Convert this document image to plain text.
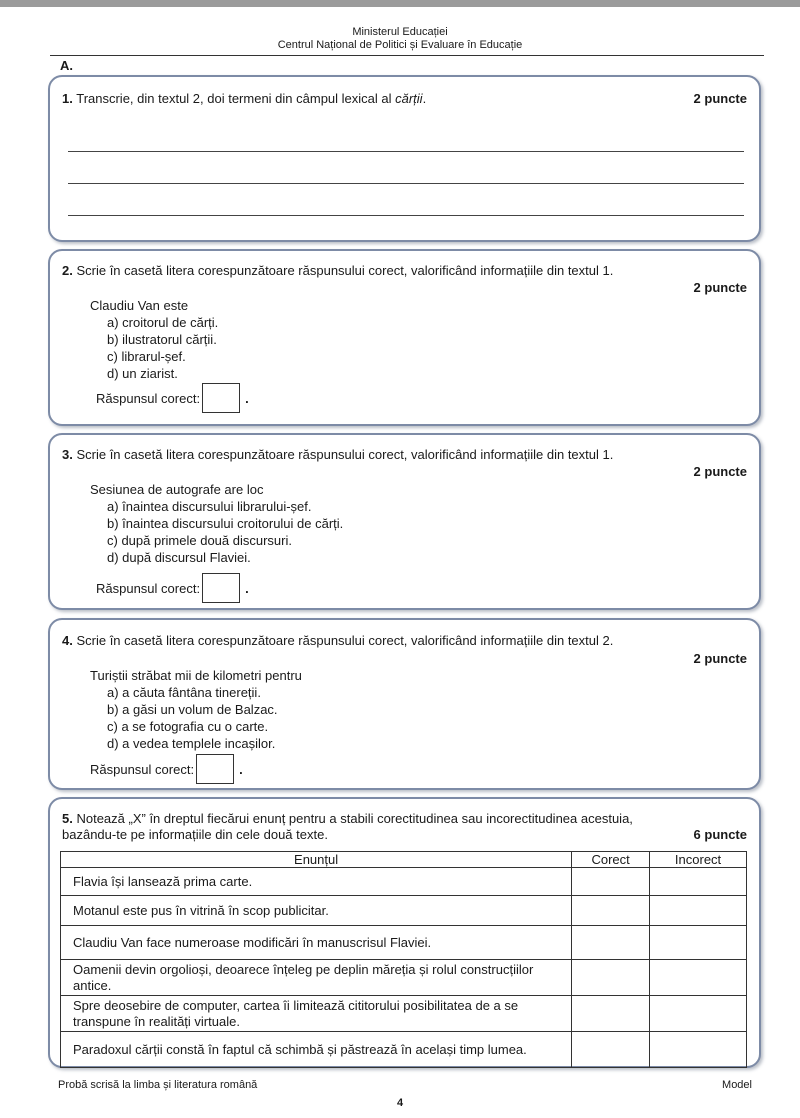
Ministerul Educației
Centrul Național de Politici și Evaluare în Educație
A.
1. Transcrie, din textul 2, doi termeni din câmpul lexical al cărții.	2 puncte
2. Scrie în casetă litera corespunzătoare răspunsului corect, valorificând informațiile din textul 1.
2 puncte
Claudiu Van este
a) croitorul de cărți.
b) ilustratorul cărții.
c) librarul-șef.
d) un ziarist.
Răspunsul corect:	.
3. Scrie în casetă litera corespunzătoare răspunsului corect, valorificând informațiile din textul 1.
2 puncte
Sesiunea de autografe are loc
a) înaintea discursului librarului-șef.
b) înaintea discursului croitorului de cărți.
c) după primele două discursuri.
d) după discursul Flaviei.
Răspunsul corect:	.
4. Scrie în casetă litera corespunzătoare răspunsului corect, valorificând informațiile din textul 2.
2 puncte
Turiștii străbat mii de kilometri pentru
a) a căuta fântâna tinereții.
b) a găsi un volum de Balzac.
c) a se fotografia cu o carte.
d) a vedea templele incașilor.
Răspunsul corect:	.
5. Notează „X” în dreptul fiecărui enunț pentru a stabili corectitudinea sau incorectitudinea acestuia,
bazându-te pe informațiile din cele două texte.	6 puncte
Enunțul	Corect	Incorect
Flavia își lansează prima carte.		
Motanul este pus în vitrină în scop publicitar.		
Claudiu Van face numeroase modificări în manuscrisul Flaviei.		
Oamenii devin orgolioși, deoarece înțeleg pe deplin măreția și rolul construcțiilor antice.		
Spre deosebire de computer, cartea îi limitează cititorului posibilitatea de a se transpune în realități virtuale.		
Paradoxul cărții constă în faptul că schimbă și păstrează în același timp lumea.		
Probă scrisă la limba și literatura română	Model
4
